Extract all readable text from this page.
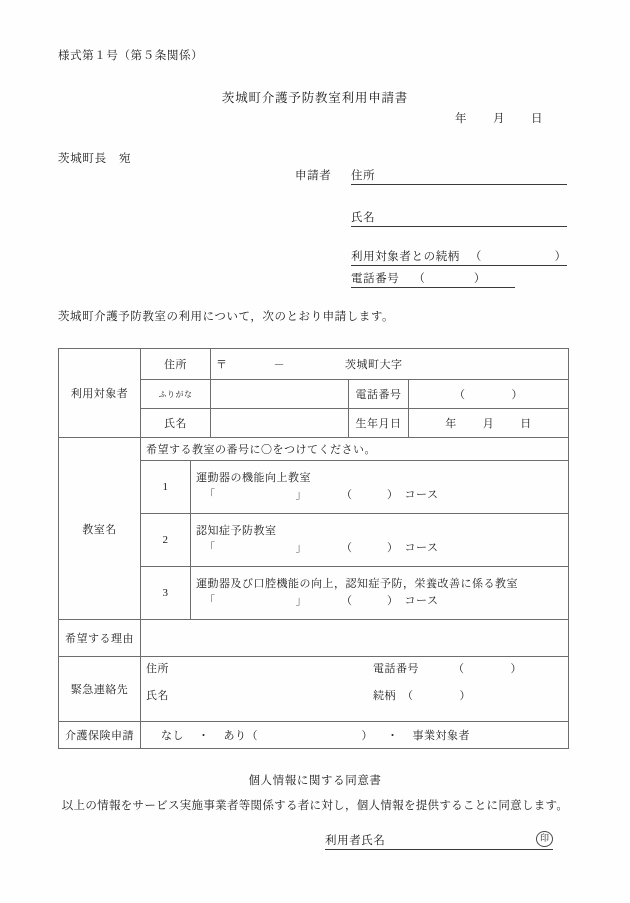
様式第１号（第５条関係）
茨城町介護予防教室利用申請書
年 月 日
茨城町長　宛
申請者 住所
氏名
利用対象者との続柄 （　　　　　　）
電話番号 （　　　　）
茨城町介護予防教室の利用について，次のとおり申請します。
利用対象者	住所		〒 － 茨城町大字		
	ふりがな			電話番号	（　　　　）
	氏名			生年月日	年 月 日
教室名	希望する教室の番号に〇をつけてください。				
	1	運動器の機能向上教室
「 」 （　　　） コース			

	2	認知症予防教室
「 」 （　　　） コース			

	3	運動器及び口腔機能の向上，認知症予防，栄養改善に係る教室
「 」 （　　　） コース			

希望する理由					
緊急連絡先	住所 電話番号 （　　　　）
氏名 続柄 （　　　　）				

介護保険申請	なし ・ あり（　　　　　　　　　） ・ 事業対象者				
個人情報に関する同意書
以上の情報をサービス実施事業者等関係する者に対し，個人情報を提供することに同意します。
利用者氏名	印
